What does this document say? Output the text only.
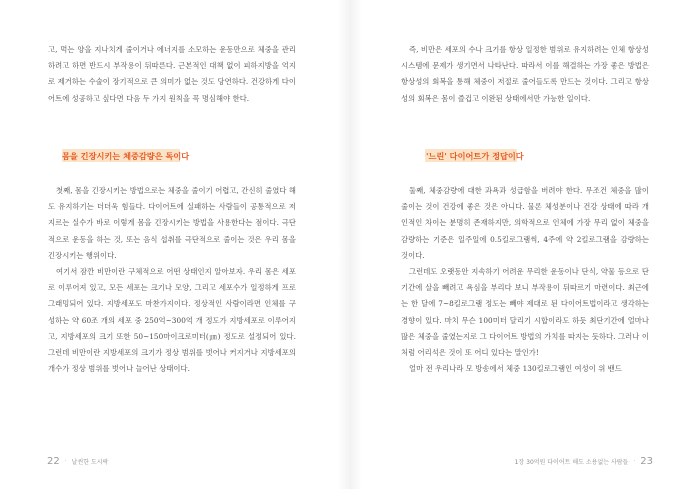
고, 먹는 양을 지나치게 줄이거나 에너지를 소모하는 운동만으로 체중을 관리하려고 하면 반드시 부작용이 뒤따른다. 근본적인 대책 없이 피하지방을 억지로 제거하는 수술이 장기적으로 큰 의미가 없는 것도 당연하다. 건강하게 다이어트에 성공하고 싶다면 다음 두 가지 원칙을 꼭 명심해야 한다.

몸을 긴장시키는 체중감량은 독이다

첫째, 몸을 긴장시키는 방법으로는 체중을 줄이기 어렵고, 간신히 줄였다 해도 유지하기는 더더욱 힘들다. 다이어트에 실패하는 사람들이 공통적으로 저지르는 실수가 바로 이렇게 몸을 긴장시키는 방법을 사용한다는 점이다. 극단적으로 운동을 하는 것, 또는 음식 섭취를 극단적으로 줄이는 것은 우리 몸을 긴장시키는 행위이다.

여기서 잠깐 비만이란 구체적으로 어떤 상태인지 알아보자. 우리 몸은 세포로 이루어져 있고, 모든 세포는 크기나 모양, 그리고 세포수가 일정하게 프로그래밍되어 있다. 지방세포도 마찬가지이다. 정상적인 사람이라면 인체를 구성하는 약 60조 개의 세포 중 250억~300억 개 정도가 지방세포로 이루어지고, 지방세포의 크기 또한 50~150마이크로미터(㎛) 정도로 설정되어 있다. 그런데 비만이란 지방세포의 크기가 정상 범위를 벗어나 커지거나 지방세포의 개수가 정상 범위를 벗어나 늘어난 상태이다.

22 · 날씬한 도시락

즉, 비만은 세포의 수나 크기를 항상 일정한 범위로 유지하려는 인체 항상성 시스템에 문제가 생기면서 나타난다. 따라서 이를 해결하는 가장 좋은 방법은 항상성의 회복을 통해 체중이 저절로 줄어들도록 만드는 것이다. 그리고 항상성의 회복은 몸이 즐겁고 이완된 상태에서만 가능한 일이다.

'느린' 다이어트가 정답이다

둘째, 체중감량에 대한 과욕과 성급함을 버려야 한다. 무조건 체중을 많이 줄이는 것이 건강에 좋은 것은 아니다. 물론 체성분이나 건강 상태에 따라 개인적인 차이는 분명히 존재하지만, 의학적으로 인체에 가장 무리 없이 체중을 감량하는 기준은 일주일에 0.5킬로그램씩, 4주에 약 2킬로그램을 감량하는 것이다.

그런데도 오랫동안 지속하기 어려운 무리한 운동이나 단식, 약물 등으로 단기간에 살을 빼려고 욕심을 부리다 보니 부작용이 뒤따르기 마련이다. 최근에는 한 달에 7~8킬로그램 정도는 빼야 제대로 된 다이어트법이라고 생각하는 경향이 있다. 마치 무슨 100미터 달리기 시합이라도 하듯 최단기간에 얼마나 많은 체중을 줄였는지로 그 다이어트 방법의 가치를 따지는 듯하다. 그러나 이처럼 어리석은 것이 또 어디 있다는 말인가!

얼마 전 우리나라 모 방송에서 체중 130킬로그램인 여성이 위 밴드

1장 30억원 다이어트 해도 소용없는 사람들 · 23
